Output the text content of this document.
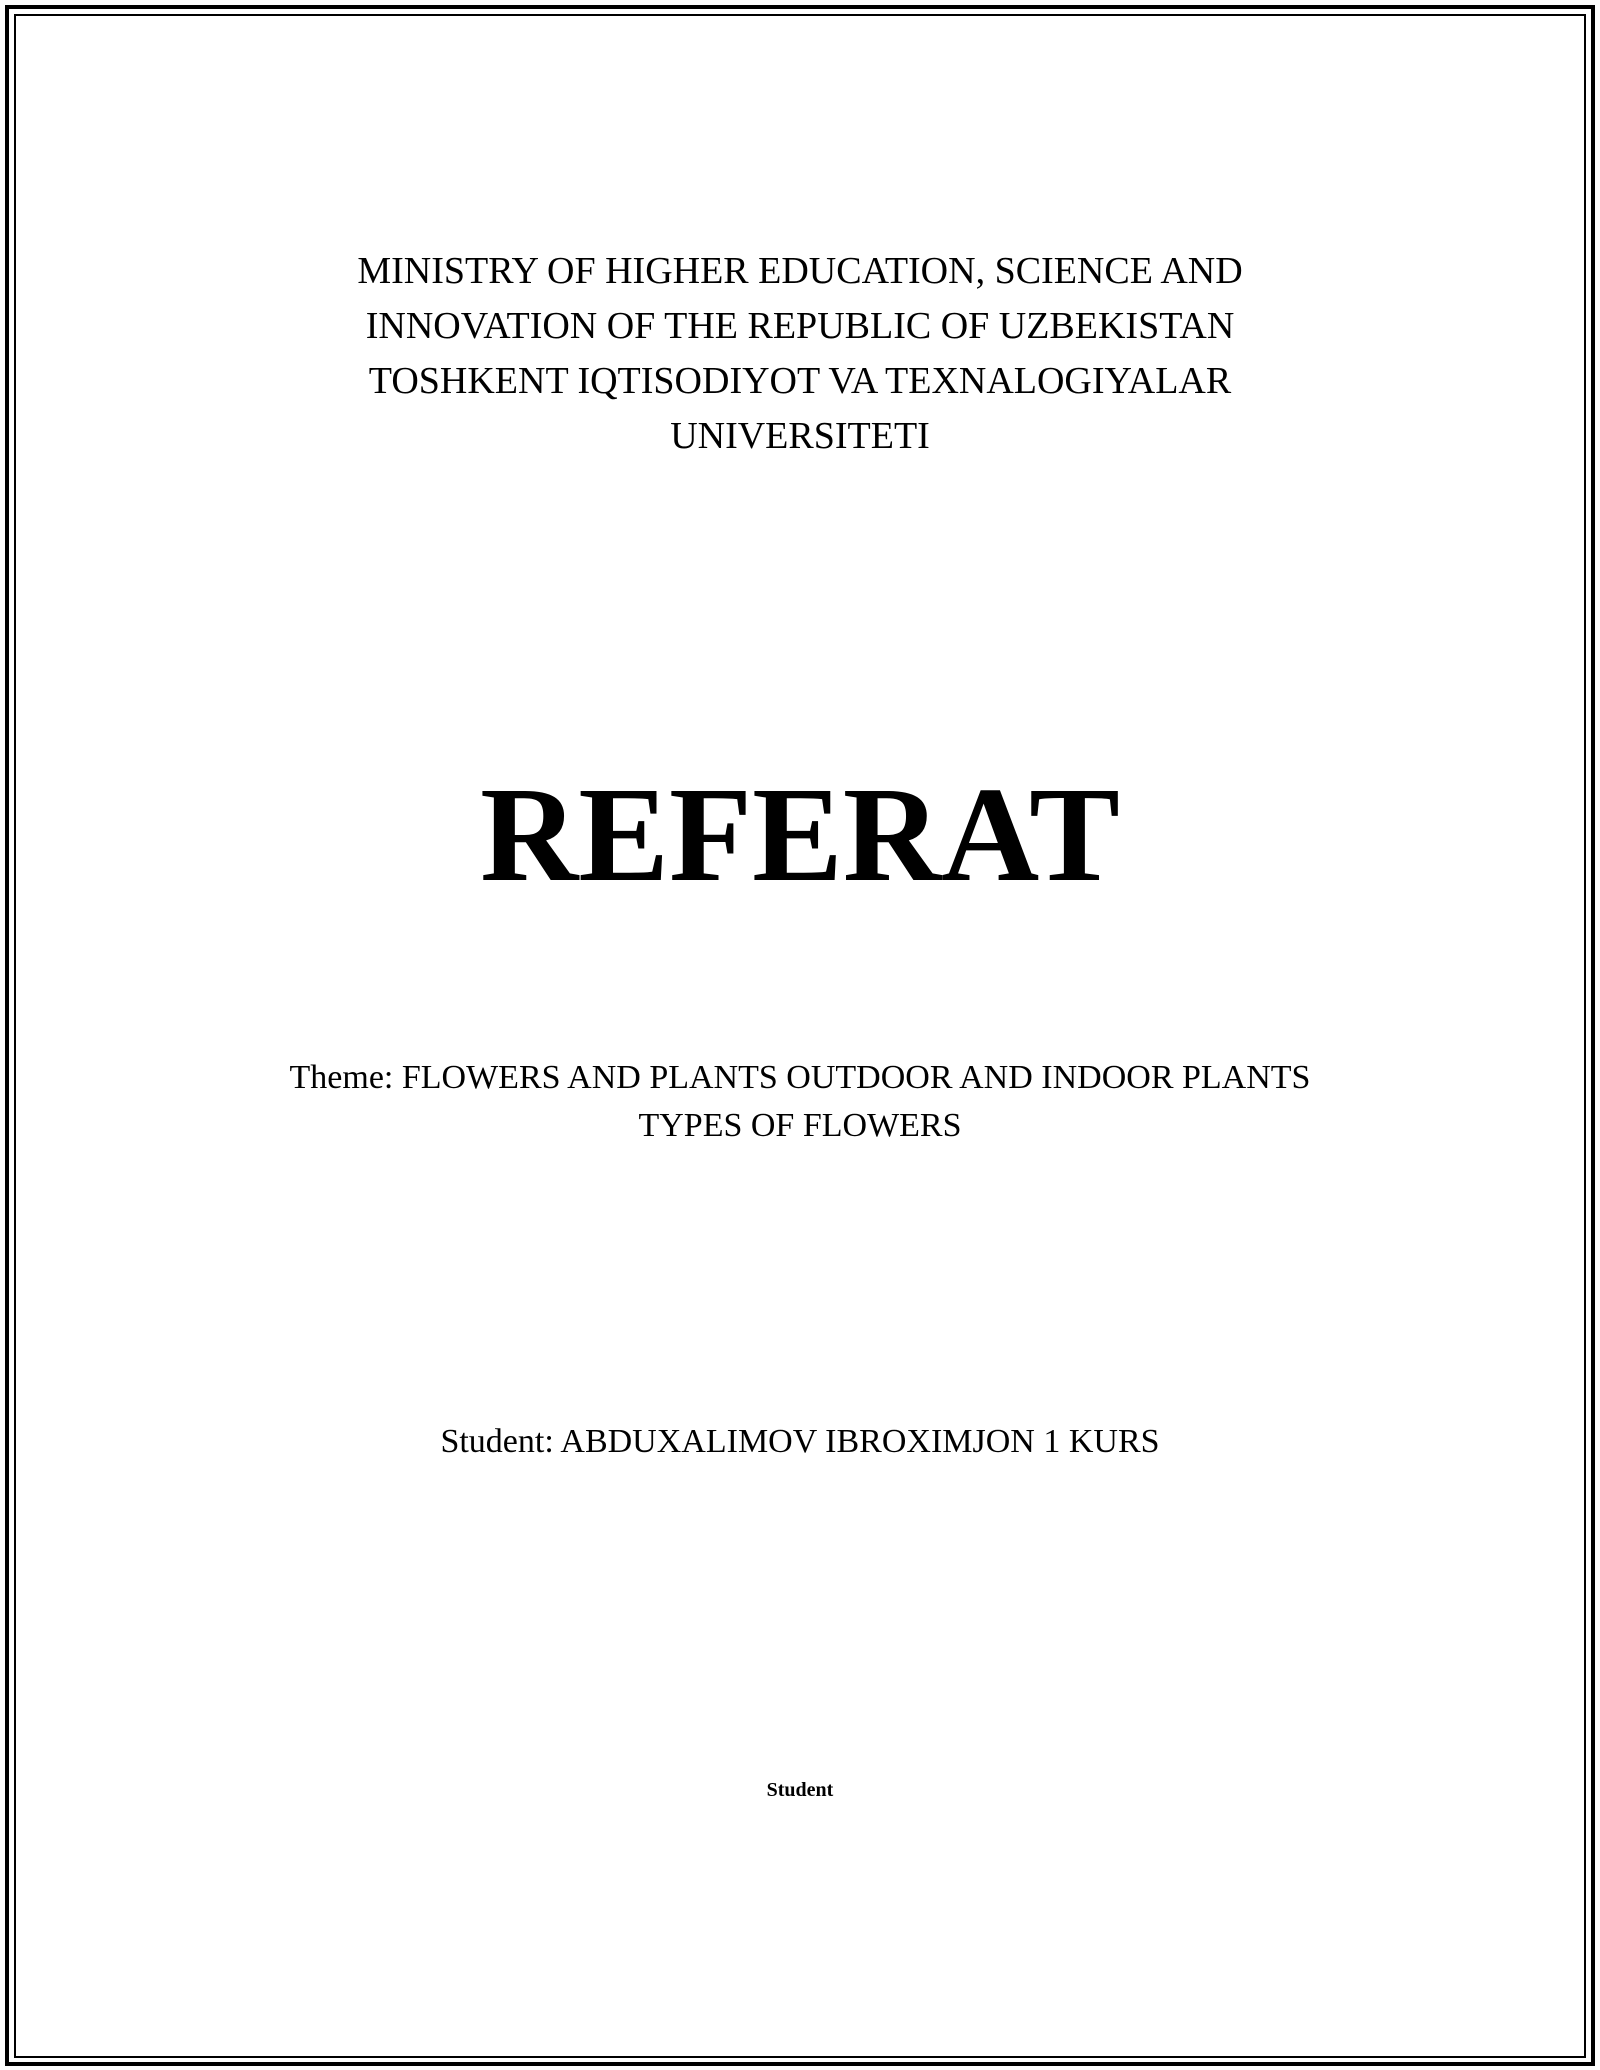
MINISTRY OF HIGHER EDUCATION, SCIENCE AND
INNOVATION OF THE REPUBLIC OF UZBEKISTAN
TOSHKENT IQTISODIYOT VA TEXNALOGIYALAR
UNIVERSITETI
REFERAT
Theme: FLOWERS AND PLANTS OUTDOOR AND INDOOR PLANTS
TYPES OF FLOWERS
Student: ABDUXALIMOV IBROXIMJON 1 KURS
Student
